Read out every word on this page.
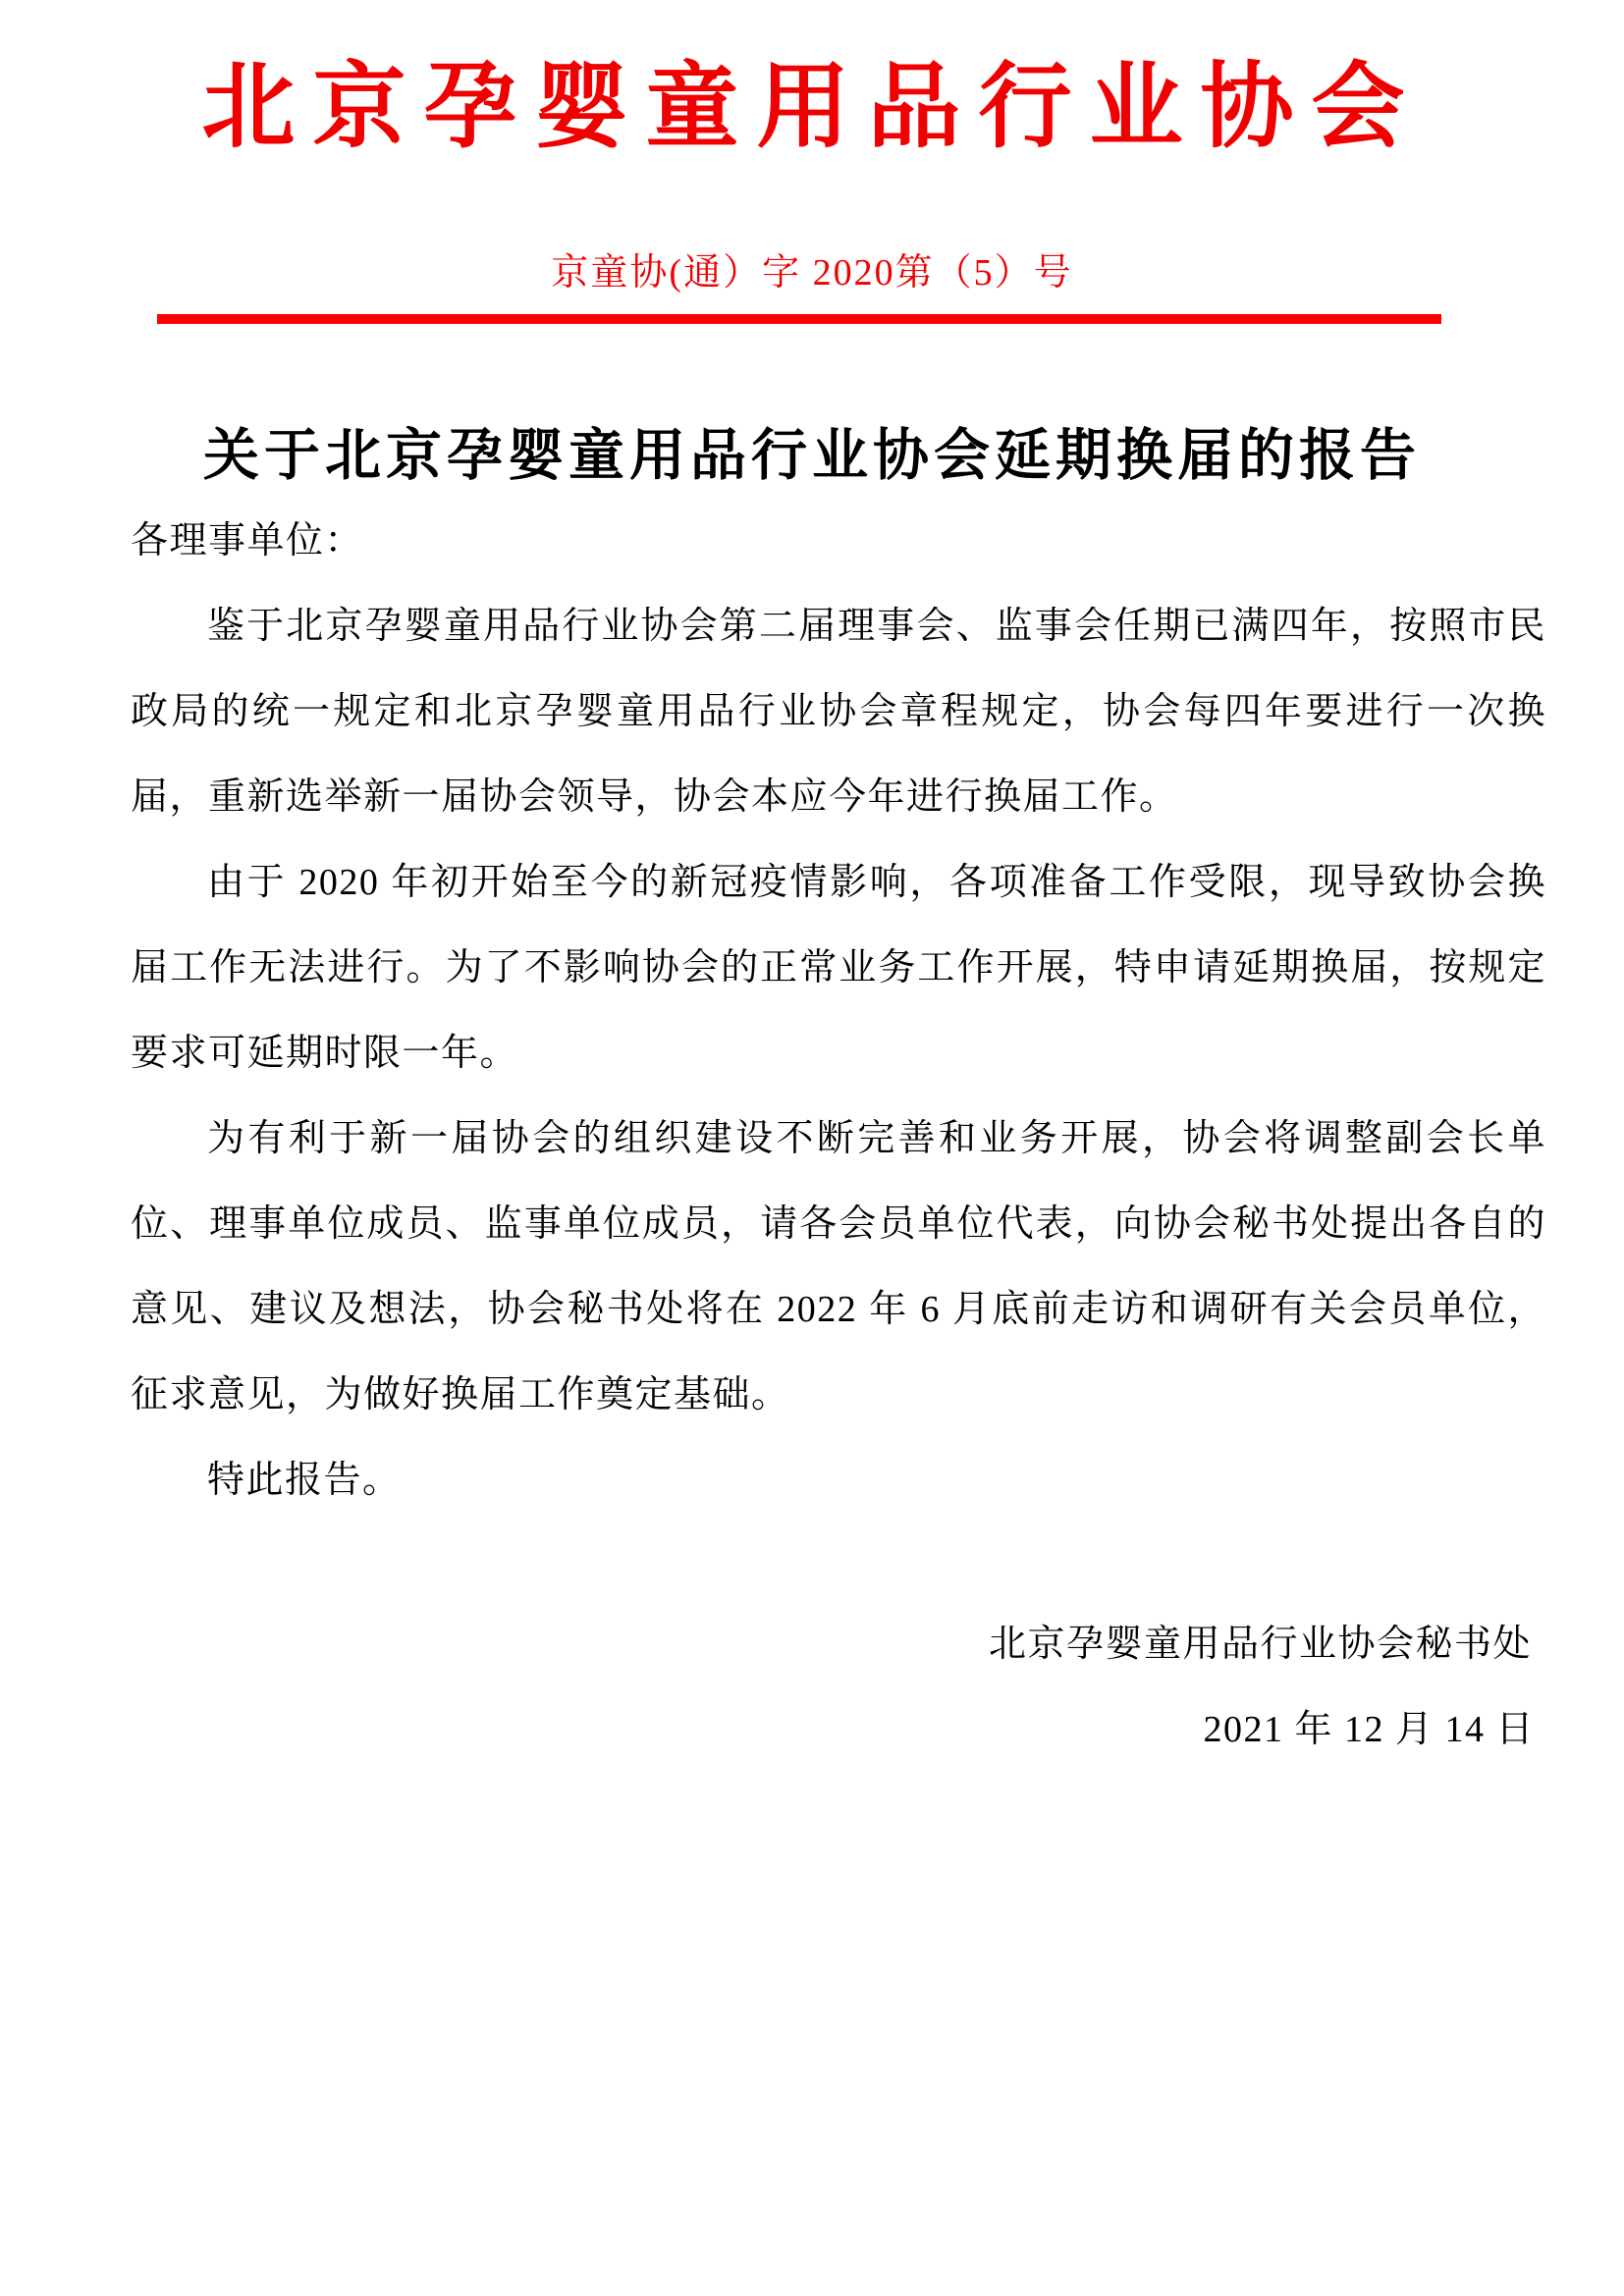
北京孕婴童用品行业协会
京童协(通）字 2020第（5）号
关于北京孕婴童用品行业协会延期换届的报告

各理事单位：

鉴于北京孕婴童用品行业协会第二届理事会、监事会任期已满四年，按照市民政局的统一规定和北京孕婴童用品行业协会章程规定，协会每四年要进行一次换届，重新选举新一届协会领导，协会本应今年进行换届工作。

由于 2020 年初开始至今的新冠疫情影响，各项准备工作受限，现导致协会换届工作无法进行。为了不影响协会的正常业务工作开展，特申请延期换届，按规定要求可延期时限一年。

为有利于新一届协会的组织建设不断完善和业务开展，协会将调整副会长单位、理事单位成员、监事单位成员，请各会员单位代表，向协会秘书处提出各自的意见、建议及想法，协会秘书处将在 2022 年 6 月底前走访和调研有关会员单位，征求意见，为做好换届工作奠定基础。

特此报告。

北京孕婴童用品行业协会秘书处
2021 年 12 月 14 日
